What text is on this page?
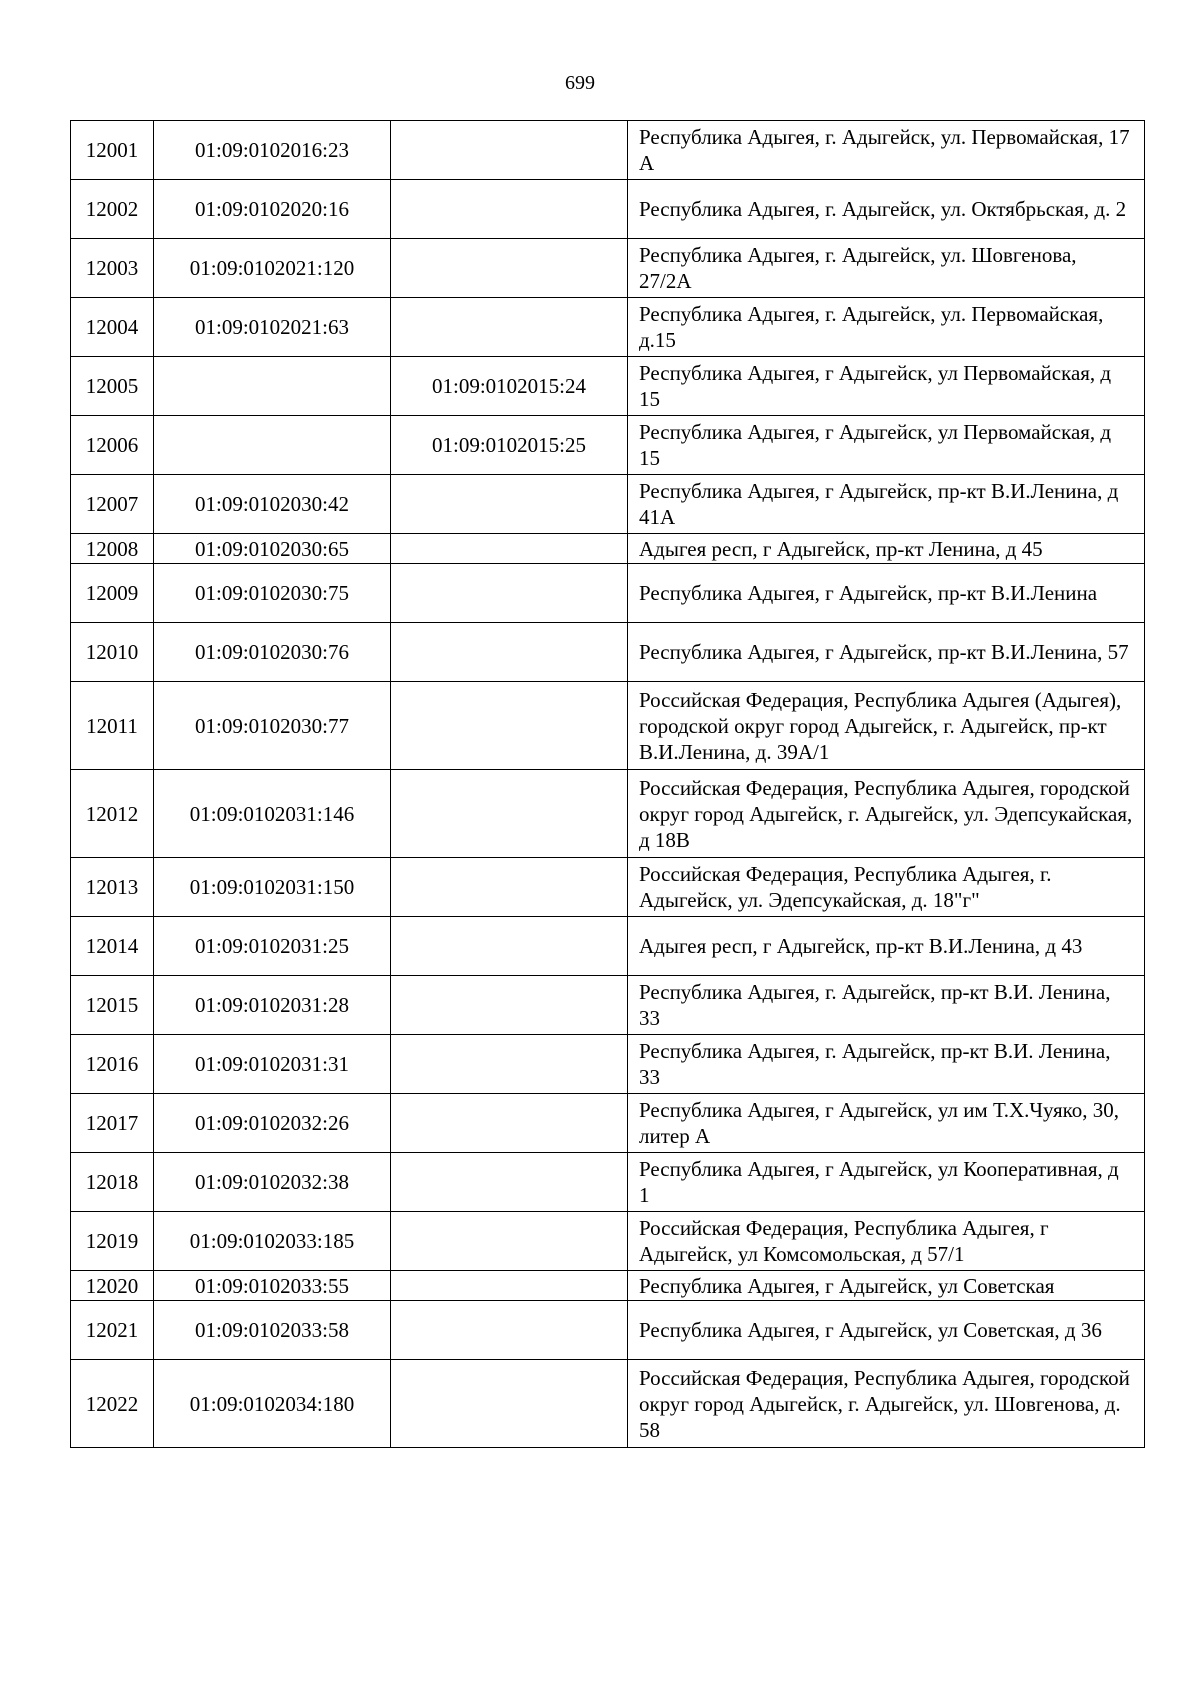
699
12001	01:09:0102016:23		Республика Адыгея, г. Адыгейск, ул. Первомайская, 17 А
12002	01:09:0102020:16		Республика Адыгея, г. Адыгейск, ул. Октябрьская, д. 2
12003	01:09:0102021:120		Республика Адыгея, г. Адыгейск, ул. Шовгенова, 27/2А
12004	01:09:0102021:63		Республика Адыгея, г. Адыгейск, ул. Первомайская, д.15
12005		01:09:0102015:24	Республика Адыгея, г Адыгейск, ул Первомайская, д 15
12006		01:09:0102015:25	Республика Адыгея, г Адыгейск, ул Первомайская, д 15
12007	01:09:0102030:42		Республика Адыгея, г Адыгейск, пр-кт В.И.Ленина, д 41А
12008	01:09:0102030:65		Адыгея респ, г Адыгейск, пр-кт Ленина, д 45
12009	01:09:0102030:75		Республика Адыгея, г Адыгейск, пр-кт В.И.Ленина
12010	01:09:0102030:76		Республика Адыгея, г Адыгейск, пр-кт В.И.Ленина, 57
12011	01:09:0102030:77		Российская Федерация, Республика Адыгея (Адыгея), городской округ город Адыгейск, г. Адыгейск, пр-кт В.И.Ленина, д. 39А/1
12012	01:09:0102031:146		Российская Федерация, Республика Адыгея, городской округ город Адыгейск, г. Адыгейск, ул. Эдепсукайская, д 18В
12013	01:09:0102031:150		Российская Федерация, Республика Адыгея, г. Адыгейск, ул. Эдепсукайская, д. 18"г"
12014	01:09:0102031:25		Адыгея респ, г Адыгейск, пр-кт В.И.Ленина, д 43
12015	01:09:0102031:28		Республика Адыгея, г. Адыгейск, пр-кт В.И. Ленина, 33
12016	01:09:0102031:31		Республика Адыгея, г. Адыгейск, пр-кт В.И. Ленина, 33
12017	01:09:0102032:26		Республика Адыгея, г Адыгейск, ул им Т.Х.Чуяко, 30, литер А
12018	01:09:0102032:38		Республика Адыгея, г Адыгейск, ул Кооперативная, д 1
12019	01:09:0102033:185		Российская Федерация, Республика Адыгея, г Адыгейск, ул Комсомольская, д 57/1
12020	01:09:0102033:55		Республика Адыгея, г Адыгейск, ул Советская
12021	01:09:0102033:58		Республика Адыгея, г Адыгейск, ул Советская, д 36
12022	01:09:0102034:180		Российская Федерация, Республика Адыгея, городской округ город Адыгейск, г. Адыгейск, ул. Шовгенова, д. 58
